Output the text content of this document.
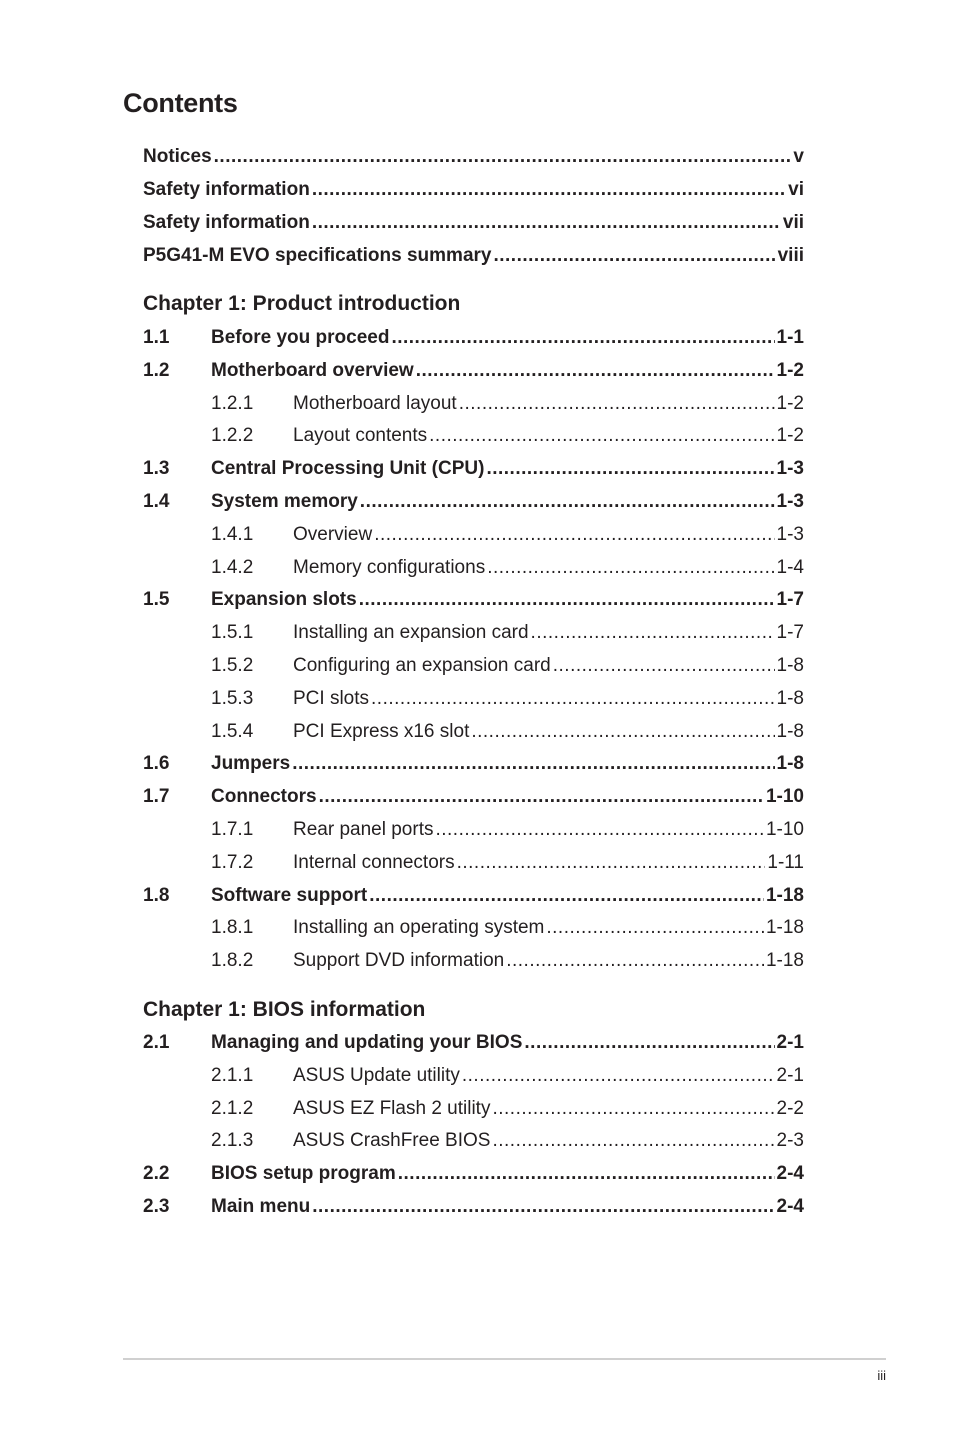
Contents
Notices .....	v
Safety information .....	vi
Safety information .....	vii
P5G41-M EVO specifications summary .....	viii
Chapter 1: Product introduction
1.1 Before you proceed .....	1-1
1.2 Motherboard overview .....	1-2
1.2.1 Motherboard layout .....	1-2
1.2.2 Layout contents .....	1-2
1.3 Central Processing Unit (CPU) .....	1-3
1.4 System memory .....	1-3
1.4.1 Overview .....	1-3
1.4.2 Memory configurations .....	1-4
1.5 Expansion slots .....	1-7
1.5.1 Installing an expansion card .....	1-7
1.5.2 Configuring an expansion card .....	1-8
1.5.3 PCI slots .....	1-8
1.5.4 PCI Express x16 slot .....	1-8
1.6 Jumpers .....	1-8
1.7 Connectors .....	1-10
1.7.1 Rear panel ports .....	1-10
1.7.2 Internal connectors .....	1-11
1.8 Software support .....	1-18
1.8.1 Installing an operating system .....	1-18
1.8.2 Support DVD information .....	1-18
Chapter 1: BIOS information
2.1 Managing and updating your BIOS .....	2-1
2.1.1 ASUS Update utility .....	2-1
2.1.2 ASUS EZ Flash 2 utility .....	2-2
2.1.3 ASUS CrashFree BIOS .....	2-3
2.2 BIOS setup program .....	2-4
2.3 Main menu .....	2-4
iii
